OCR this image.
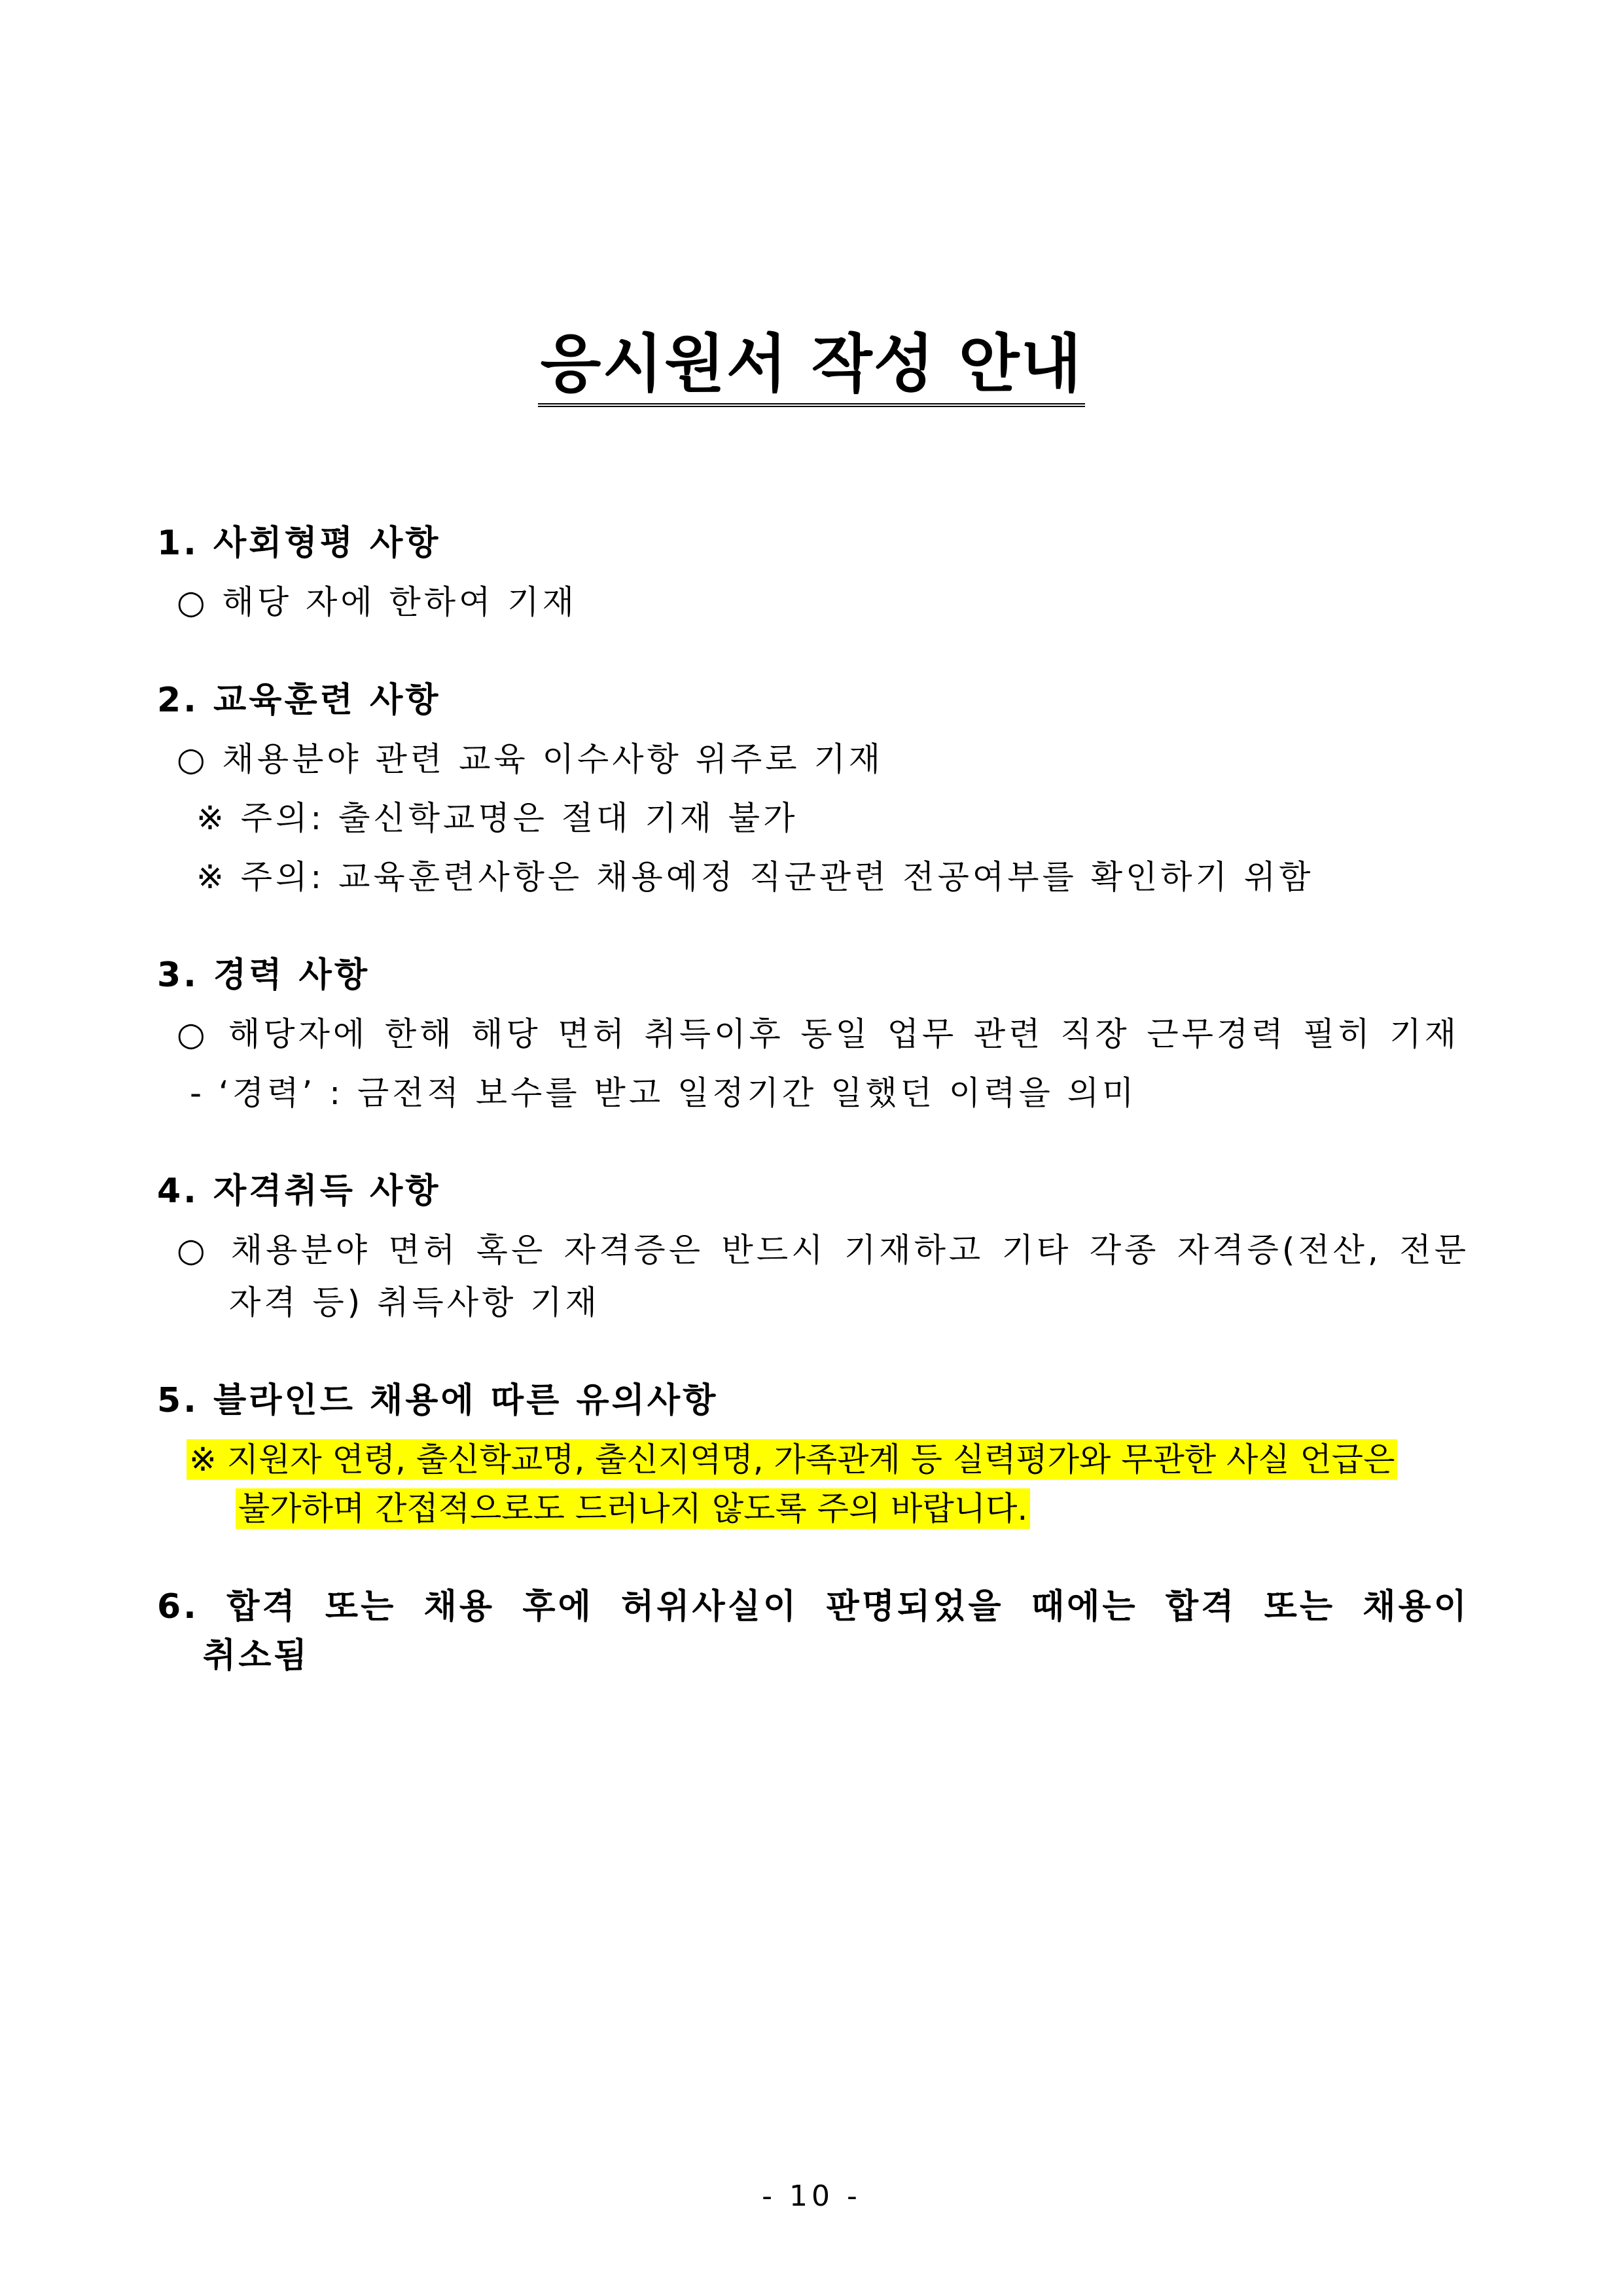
응시원서 작성 안내
1. 사회형평 사항
○ 해당 자에 한하여 기재
2. 교육훈련 사항
○ 채용분야 관련 교육 이수사항 위주로 기재
※ 주의: 출신학교명은 절대 기재 불가
※ 주의: 교육훈련사항은 채용예정 직군관련 전공여부를 확인하기 위함
3. 경력 사항
○ 해당자에 한해 해당 면허 취득이후 동일 업무 관련 직장 근무경력 필히 기재
- ‘경력’ : 금전적 보수를 받고 일정기간 일했던 이력을 의미
4. 자격취득 사항
○ 채용분야 면허 혹은 자격증은 반드시 기재하고 기타 각종 자격증(전산, 전문
자격 등) 취득사항 기재
5. 블라인드 채용에 따른 유의사항
※ 지원자 연령, 출신학교명, 출신지역명, 가족관계 등 실력평가와 무관한 사실 언급은
불가하며 간접적으로도 드러나지 않도록 주의 바랍니다.
6. 합격 또는 채용 후에 허위사실이 판명되었을 때에는 합격 또는 채용이
취소됨
- 10 -
